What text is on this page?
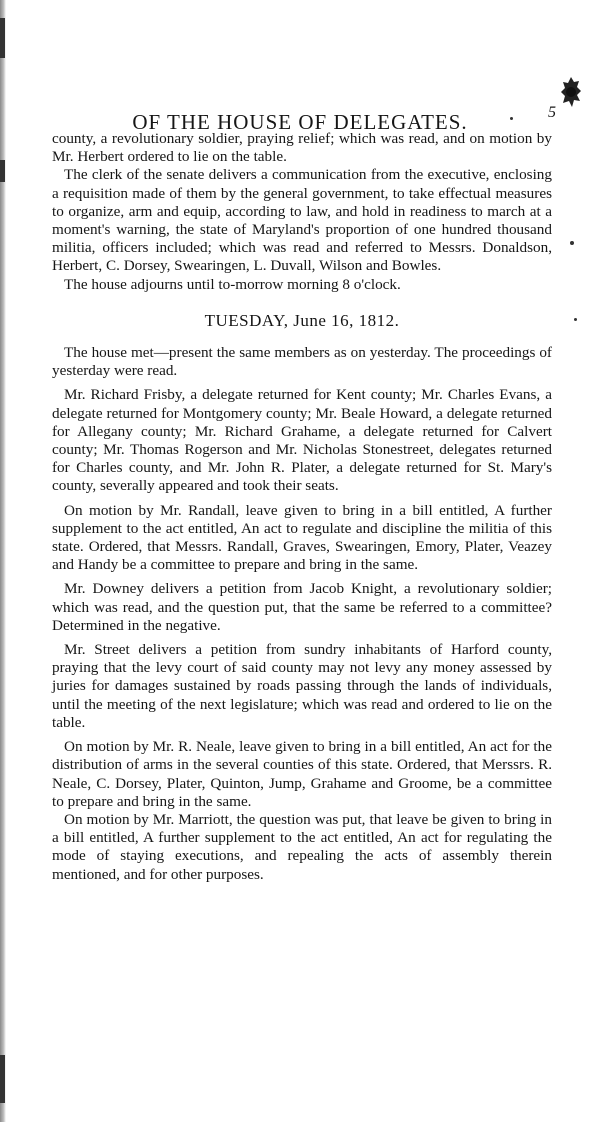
OF THE HOUSE OF DELEGATES.	5

county, a revolutionary soldier, praying relief; which was read, and on motion by Mr. Herbert ordered to lie on the table.

The clerk of the senate delivers a communication from the executive, enclosing a requisition made of them by the general government, to take effectual measures to organize, arm and equip, according to law, and hold in readiness to march at a moment's warning, the state of Maryland's proportion of one hundred thousand militia, officers included; which was read and referred to Messrs. Donaldson, Herbert, C. Dorsey, Swearingen, L. Duvall, Wilson and Bowles.

The house adjourns until to-morrow morning 8 o'clock.

TUESDAY, June 16, 1812.

The house met—present the same members as on yesterday. The proceedings of yesterday were read.

Mr. Richard Frisby, a delegate returned for Kent county; Mr. Charles Evans, a delegate returned for Montgomery county; Mr. Beale Howard, a delegate returned for Allegany county; Mr. Richard Grahame, a delegate returned for Calvert county; Mr. Thomas Rogerson and Mr. Nicholas Stonestreet, delegates returned for Charles county, and Mr. John R. Plater, a delegate returned for St. Mary's county, severally appeared and took their seats.

On motion by Mr. Randall, leave given to bring in a bill entitled, A further supplement to the act entitled, An act to regulate and discipline the militia of this state. Ordered, that Messrs. Randall, Graves, Swearingen, Emory, Plater, Veazey and Handy be a committee to prepare and bring in the same.

Mr. Downey delivers a petition from Jacob Knight, a revolutionary soldier; which was read, and the question put, that the same be referred to a committee? Determined in the negative.

Mr. Street delivers a petition from sundry inhabitants of Harford county, praying that the levy court of said county may not levy any money assessed by juries for damages sustained by roads passing through the lands of individuals, until the meeting of the next legislature; which was read and ordered to lie on the table.

On motion by Mr. R. Neale, leave given to bring in a bill entitled, An act for the distribution of arms in the several counties of this state. Ordered, that Merssrs. R. Neale, C. Dorsey, Plater, Quinton, Jump, Grahame and Groome, be a committee to prepare and bring in the same.

On motion by Mr. Marriott, the question was put, that leave be given to bring in a bill entitled, A further supplement to the act entitled, An act for regulating the mode of staying executions, and repealing the acts of assembly therein mentioned, and for other purposes.
